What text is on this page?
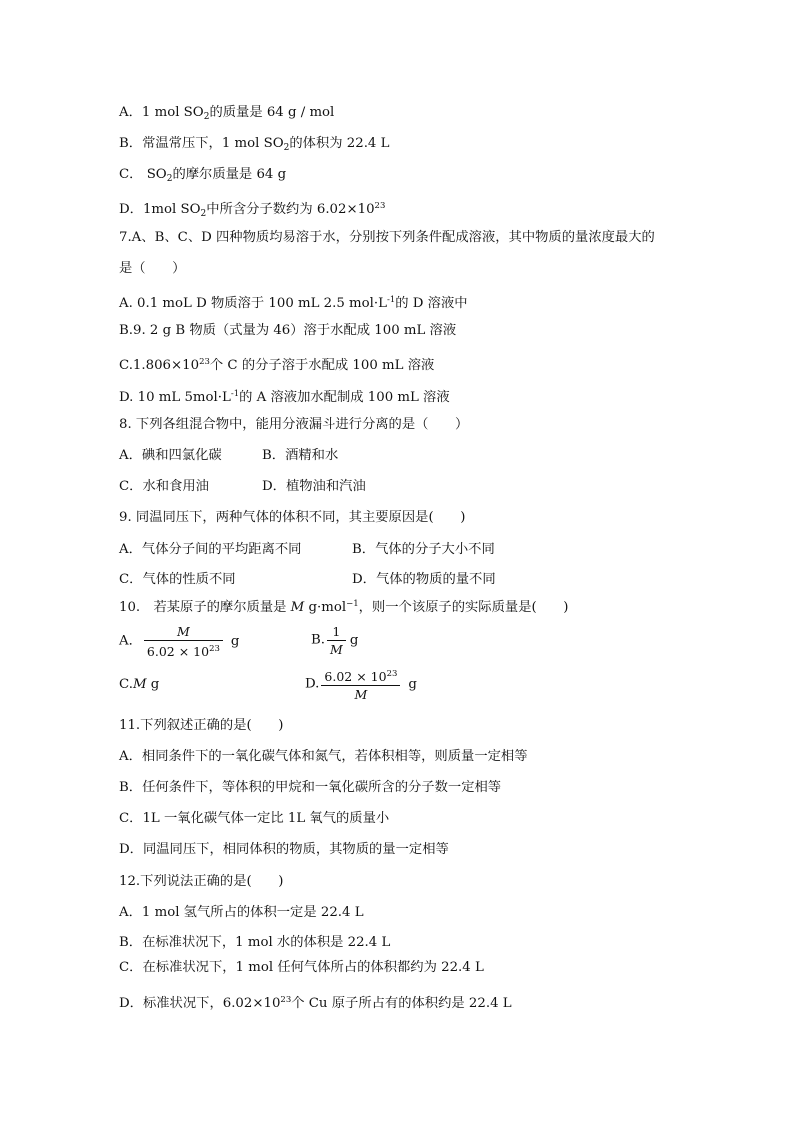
A．1 mol $SO_2$的质量是 64 g / mol
B．常温常压下，1 mol $SO_2$的体积为 22.4 L
C． $SO_2$的摩尔质量是 64 g
D．1mol $SO_2$中所含分子数约为 $6.02\times 10^{23}$
7.A、B、C、D 四种物质均易溶于水，分别按下列条件配成溶液，其中物质的量浓度最大的
是（　　）
A. 0.1 moL D 物质溶于 100 mL 2.5 $mol\cdot L^{-1}$的 D 溶液中
B.9. 2 g B 物质（式量为 46）溶于水配成 100 mL 溶液
$C.1.806\times 10^{23}$个 C 的分子溶于水配成 100 mL 溶液
D. 10 mL $5mol\cdot L^{-1}$的 A 溶液加水配制成 100 mL 溶液
8. 下列各组混合物中，能用分液漏斗进行分离的是（　　）
A．碘和四氯化碳	B．酒精和水
C．水和食用油	D．植物油和汽油
9. 同温同压下，两种气体的体积不同，其主要原因是(　　)
A．气体分子间的平均距离不同	B．气体的分子大小不同
C．气体的性质不同	D．气体的物质的量不同
10.　若某原子的摩尔质量是 M g·mol$^{-1}$，则一个该原子的实际质量是(　　)
A． $\frac{M}{6.02 \times 10^{23}}$ g	B. $\frac{1}{M}$ g
C.M g	D. $\frac{6.02 \times 10^{23}}{M}$ g
11.下列叙述正确的是(　　)
A．相同条件下的一氧化碳气体和氮气，若体积相等，则质量一定相等
B．任何条件下，等体积的甲烷和一氧化碳所含的分子数一定相等
C．1L 一氧化碳气体一定比 1L 氧气的质量小
D．同温同压下，相同体积的物质，其物质的量一定相等
12.下列说法正确的是(　　)
A．1 mol 氢气所占的体积一定是 22.4 L
B．在标准状况下，1 mol 水的体积是 22.4 L
C．在标准状况下，1 mol 任何气体所占的体积都约为 22.4 L
D．标准状况下，$6.02\times 10^{23}$个 Cu 原子所占有的体积约是 22.4 L
